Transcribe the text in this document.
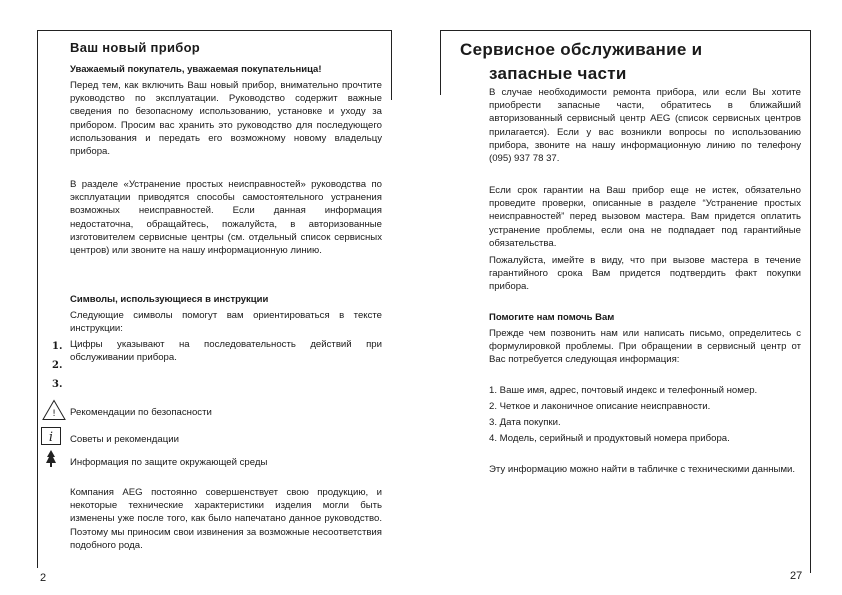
Ваш новый прибор
Уважаемый покупатель, уважаемая покупательница!
Перед тем, как включить Ваш новый прибор, внимательно прочтите руководство по эксплуатации. Руководство содержит важные сведения по безопасному использованию, установке и уходу за прибором. Просим вас хранить это руководство для последующего использования и передать его возможному новому владельцу прибора.
В разделе «Устранение простых неисправностей» руководства по эксплуатации приводятся способы самостоятельного устранения возможных неисправностей. Если данная информация недостаточна, обращайтесь, пожалуйста, в авторизованные изготовителем сервисные центры (см. отдельный список сервисных центров) или звоните на нашу информационную линию.
Символы, использующиеся в инструкции
Следующие символы помогут вам ориентироваться в тексте инструкции:
1.
2.
3.
Цифры указывают на последовательность действий при обслуживании прибора.
! Рекомендации по безопасности
i Советы и рекомендации
Информация по защите окружающей среды
Компания AEG постоянно совершенствует свою продукцию, и некоторые технические характеристики изделия могли быть изменены уже после того, как было напечатано данное руководство. Поэтому мы приносим свои извинения за возможные несоответствия подобного рода.
2
Сервисное обслуживание и
запасные части
В случае необходимости ремонта прибора, или если Вы хотите приобрести запасные части, обратитесь в ближайший авторизованный сервисный центр AEG (список сервисных центров прилагается). Если у вас возникли вопросы по использованию прибора, звоните на нашу информационную линию по телефону (095) 937 78 37.
Если срок гарантии на Ваш прибор еще не истек, обязательно проведите проверки, описанные в разделе “Устранение простых неисправностей” перед вызовом мастера. Вам придется оплатить устранение проблемы, если она не подпадает под гарантийные обязательства.
Пожалуйста, имейте в виду, что при вызове мастера в течение гарантийного срока Вам придется подтвердить факт покупки прибора.
Помогите нам помочь Вам
Прежде чем позвонить нам или написать письмо, определитесь с формулировкой проблемы. При обращении в сервисный центр от Вас потребуется следующая информация:
1. Ваше имя, адрес, почтовый индекс и телефонный номер.
2. Четкое и лаконичное описание неисправности.
3. Дата покупки.
4. Модель, серийный и продуктовый номера прибора.
Эту информацию можно найти в табличке с техническими данными.
27
